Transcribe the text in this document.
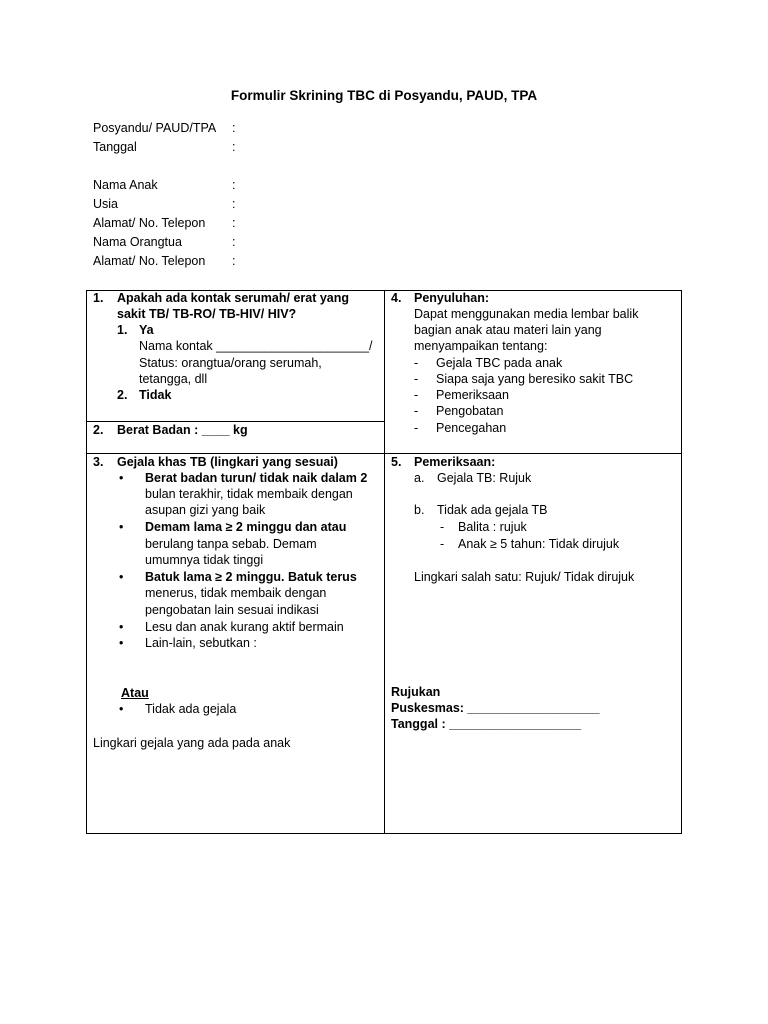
Formulir Skrining TBC di Posyandu, PAUD, TPA
Posyandu/ PAUD/TPA	:
Tanggal	:
Nama Anak	:
Usia	:
Alamat/ No. Telepon	:
Nama Orangtua	:
Alamat/ No. Telepon	:
1. Apakah ada kontak serumah/ erat yang
sakit TB/ TB-RO/ TB-HIV/ HIV?
1. Ya
Nama kontak ______________________/
Status: orangtua/orang serumah,
tetangga, dll
2. Tidak
2. Berat Badan : ____ kg
4. Penyuluhan:
Dapat menggunakan media lembar balik
bagian anak atau materi lain yang
menyampaikan tentang:
- Gejala TBC pada anak
- Siapa saja yang beresiko sakit TBC
- Pemeriksaan
- Pengobatan
- Pencegahan
3. Gejala khas TB (lingkari yang sesuai)
• Berat badan turun/ tidak naik dalam 2
bulan terakhir, tidak membaik dengan
asupan gizi yang baik
• Demam lama ≥ 2 minggu dan atau
berulang tanpa sebab. Demam
umumnya tidak tinggi
• Batuk lama ≥ 2 minggu. Batuk terus
menerus, tidak membaik dengan
pengobatan lain sesuai indikasi
• Lesu dan anak kurang aktif bermain
• Lain-lain, sebutkan :
Atau
• Tidak ada gejala
Lingkari gejala yang ada pada anak
5. Pemeriksaan:
a. Gejala TB: Rujuk
b. Tidak ada gejala TB
- Balita : rujuk
- Anak ≥ 5 tahun: Tidak dirujuk
Lingkari salah satu: Rujuk/ Tidak dirujuk
Rujukan
Puskesmas: ___________________
Tanggal : ___________________
